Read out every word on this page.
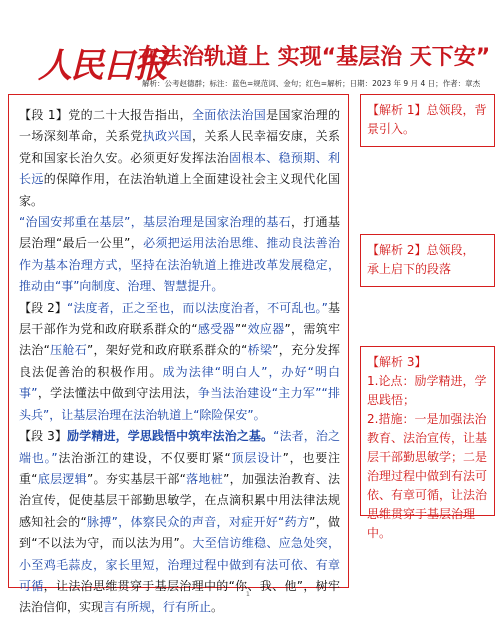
人民日报
在法治轨道上 实现“基层治 天下安”
解析：公考赵德群；标注：蓝色=规范词、金句；红色=解析；日期：2023 年 9 月 4 日；作者：章杰

【段 1】党的二十大报告指出，全面依法治国是国家治理的一场深刻革命，关系党执政兴国，关系人民幸福安康，关系党和国家长治久安。必须更好发挥法治固根本、稳预期、利长远的保障作用，在法治轨道上全面建设社会主义现代化国家。

“治国安邦重在基层”，基层治理是国家治理的基石，打通基层治理“最后一公里”，必须把运用法治思维、推动良法善治作为基本治理方式，坚持在法治轨道上推进改革发展稳定，推动由“事”向制度、治理、智慧提升。

【段 2】“法度者，正之至也，而以法度治者，不可乱也。”基层干部作为党和政府联系群众的“感受器”“效应器”，需筑牢法治“压舱石”，架好党和政府联系群众的“桥梁”，充分发挥良法促善治的积极作用。成为法律“明白人”，办好“明白事”，学法懂法中做到守法用法，争当法治建设“主力军”“排头兵”，让基层治理在法治轨道上“除险保安”。

【段 3】励学精进，学思践悟中筑牢法治之基。“法者，治之端也。”法治浙江的建设，不仅要盯紧“顶层设计”，也要注重“底层逻辑”。夯实基层干部“落地桩”，加强法治教育、法治宣传，促使基层干部勤思敏学，在点滴积累中用法律法规感知社会的“脉搏”，体察民众的声音，对症开好“药方”，做到“不以法为守，而以法为用”。大至信访维稳、应急处突，小至鸡毛蒜皮，家长里短，治理过程中做到有法可依、有章可循，让法治思维贯穿于基层治理中的“你、我、他”，树牢法治信仰，实现言有所规，行有所止。

【解析 1】总领段，背景引入。
【解析 2】总领段，
承上启下的段落
【解析 3】
1.论点：励学精进，学思践悟；
2.措施：一是加强法治教育、法治宣传，让基层干部勤思敏学；二是治理过程中做到有法可依、有章可循，让法治思维贯穿于基层治理中。
1
